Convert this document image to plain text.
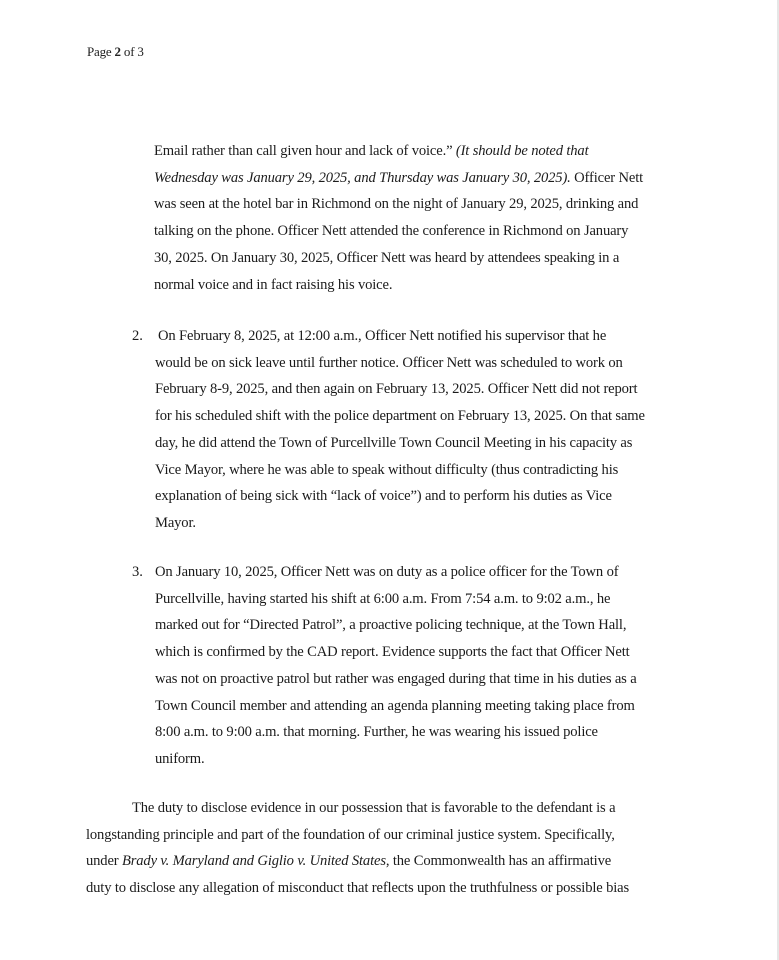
Page 2 of 3
Email rather than call given hour and lack of voice.” (It should be noted that
Wednesday was January 29, 2025, and Thursday was January 30, 2025). Officer Nett
was seen at the hotel bar in Richmond on the night of January 29, 2025, drinking and
talking on the phone. Officer Nett attended the conference in Richmond on January
30, 2025. On January 30, 2025, Officer Nett was heard by attendees speaking in a
normal voice and in fact raising his voice.
2. On February 8, 2025, at 12:00 a.m., Officer Nett notified his supervisor that he
would be on sick leave until further notice. Officer Nett was scheduled to work on
February 8-9, 2025, and then again on February 13, 2025. Officer Nett did not report
for his scheduled shift with the police department on February 13, 2025. On that same
day, he did attend the Town of Purcellville Town Council Meeting in his capacity as
Vice Mayor, where he was able to speak without difficulty (thus contradicting his
explanation of being sick with “lack of voice”) and to perform his duties as Vice
Mayor.
3. On January 10, 2025, Officer Nett was on duty as a police officer for the Town of
Purcellville, having started his shift at 6:00 a.m. From 7:54 a.m. to 9:02 a.m., he
marked out for “Directed Patrol”, a proactive policing technique, at the Town Hall,
which is confirmed by the CAD report. Evidence supports the fact that Officer Nett
was not on proactive patrol but rather was engaged during that time in his duties as a
Town Council member and attending an agenda planning meeting taking place from
8:00 a.m. to 9:00 a.m. that morning. Further, he was wearing his issued police
uniform.
The duty to disclose evidence in our possession that is favorable to the defendant is a
longstanding principle and part of the foundation of our criminal justice system. Specifically,
under Brady v. Maryland and Giglio v. United States, the Commonwealth has an affirmative
duty to disclose any allegation of misconduct that reflects upon the truthfulness or possible bias
